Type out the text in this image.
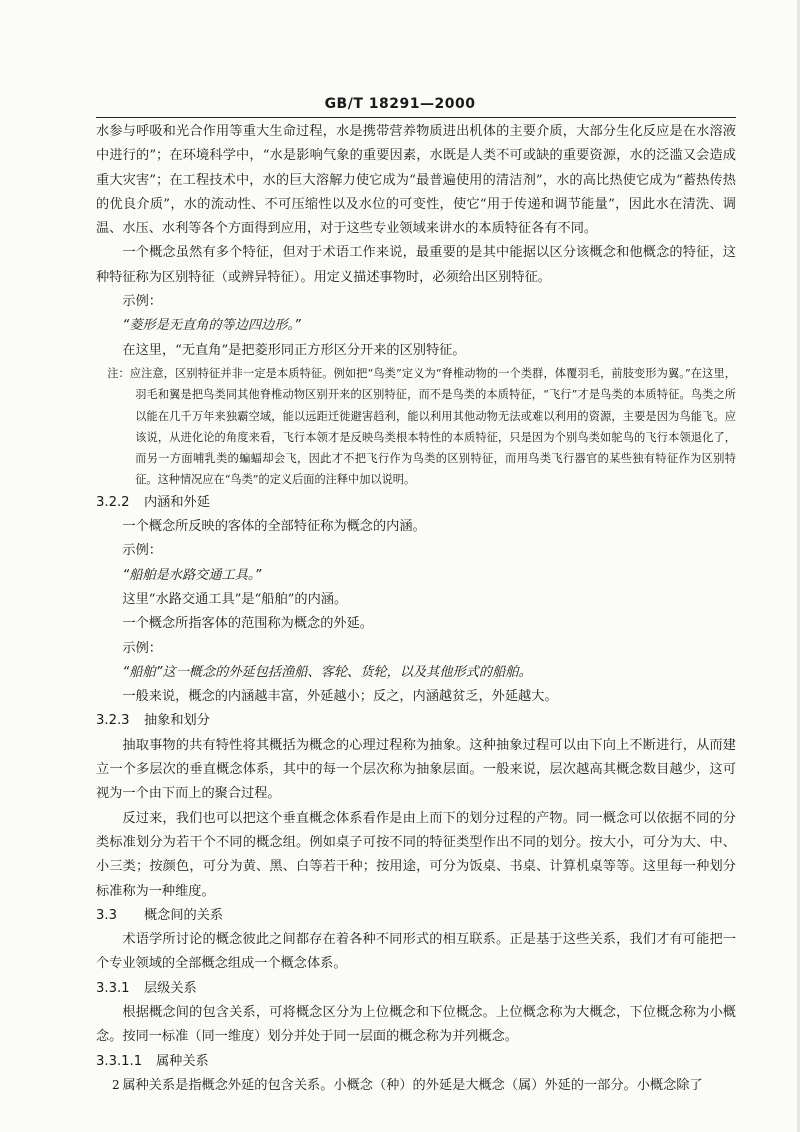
GB/T 18291—2000

水参与呼吸和光合作用等重大生命过程，水是携带营养物质进出机体的主要介质，大部分生化反应是在水溶液中进行的”；在环境科学中，“水是影响气象的重要因素，水既是人类不可或缺的重要资源，水的泛滥又会造成重大灾害”；在工程技术中，水的巨大溶解力使它成为“最普遍使用的清洁剂”，水的高比热使它成为“蓄热传热的优良介质”，水的流动性、不可压缩性以及水位的可变性，使它“用于传递和调节能量”，因此水在清洗、调温、水压、水利等各个方面得到应用，对于这些专业领域来讲水的本质特征各有不同。

一个概念虽然有多个特征，但对于术语工作来说，最重要的是其中能据以区分该概念和他概念的特征，这种特征称为区别特征（或辨异特征）。用定义描述事物时，必须给出区别特征。

示例：

“菱形是无直角的等边四边形。”

在这里，“无直角”是把菱形同正方形区分开来的区别特征。

注：应注意，区别特征并非一定是本质特征。例如把“鸟类”定义为“脊椎动物的一个类群，体覆羽毛，前肢变形为翼。”在这里，羽毛和翼是把鸟类同其他脊椎动物区别开来的区别特征，而不是鸟类的本质特征，“飞行”才是鸟类的本质特征。鸟类之所以能在几千万年来独霸空域，能以远距迁徙避害趋利，能以利用其他动物无法或难以利用的资源，主要是因为鸟能飞。应该说，从进化论的角度来看，飞行本领才是反映鸟类根本特性的本质特征，只是因为个别鸟类如鸵鸟的飞行本领退化了，而另一方面哺乳类的蝙蝠却会飞，因此才不把飞行作为鸟类的区别特征，而用鸟类飞行器官的某些独有特征作为区别特征。这种情况应在“鸟类”的定义后面的注释中加以说明。

3.2.2 内涵和外延

一个概念所反映的客体的全部特征称为概念的内涵。

示例：

“船舶是水路交通工具。”

这里“水路交通工具”是“船舶”的内涵。

一个概念所指客体的范围称为概念的外延。

示例：

“船舶”这一概念的外延包括渔船、客轮、货轮，以及其他形式的船舶。

一般来说，概念的内涵越丰富，外延越小；反之，内涵越贫乏，外延越大。

3.2.3 抽象和划分

抽取事物的共有特性将其概括为概念的心理过程称为抽象。这种抽象过程可以由下向上不断进行，从而建立一个多层次的垂直概念体系，其中的每一个层次称为抽象层面。一般来说，层次越高其概念数目越少，这可视为一个由下而上的聚合过程。

反过来，我们也可以把这个垂直概念体系看作是由上而下的划分过程的产物。同一概念可以依据不同的分类标准划分为若干个不同的概念组。例如桌子可按不同的特征类型作出不同的划分。按大小，可分为大、中、小三类；按颜色，可分为黄、黑、白等若干种；按用途，可分为饭桌、书桌、计算机桌等等。这里每一种划分标准称为一种维度。

3.3 概念间的关系

术语学所讨论的概念彼此之间都存在着各种不同形式的相互联系。正是基于这些关系，我们才有可能把一个专业领域的全部概念组成一个概念体系。

3.3.1 层级关系

根据概念间的包含关系，可将概念区分为上位概念和下位概念。上位概念称为大概念，下位概念称为小概念。按同一标准（同一维度）划分并处于同一层面的概念称为并列概念。

3.3.1.1 属种关系

属种关系是指概念外延的包含关系。小概念（种）的外延是大概念（属）外延的一部分。小概念除了

2
